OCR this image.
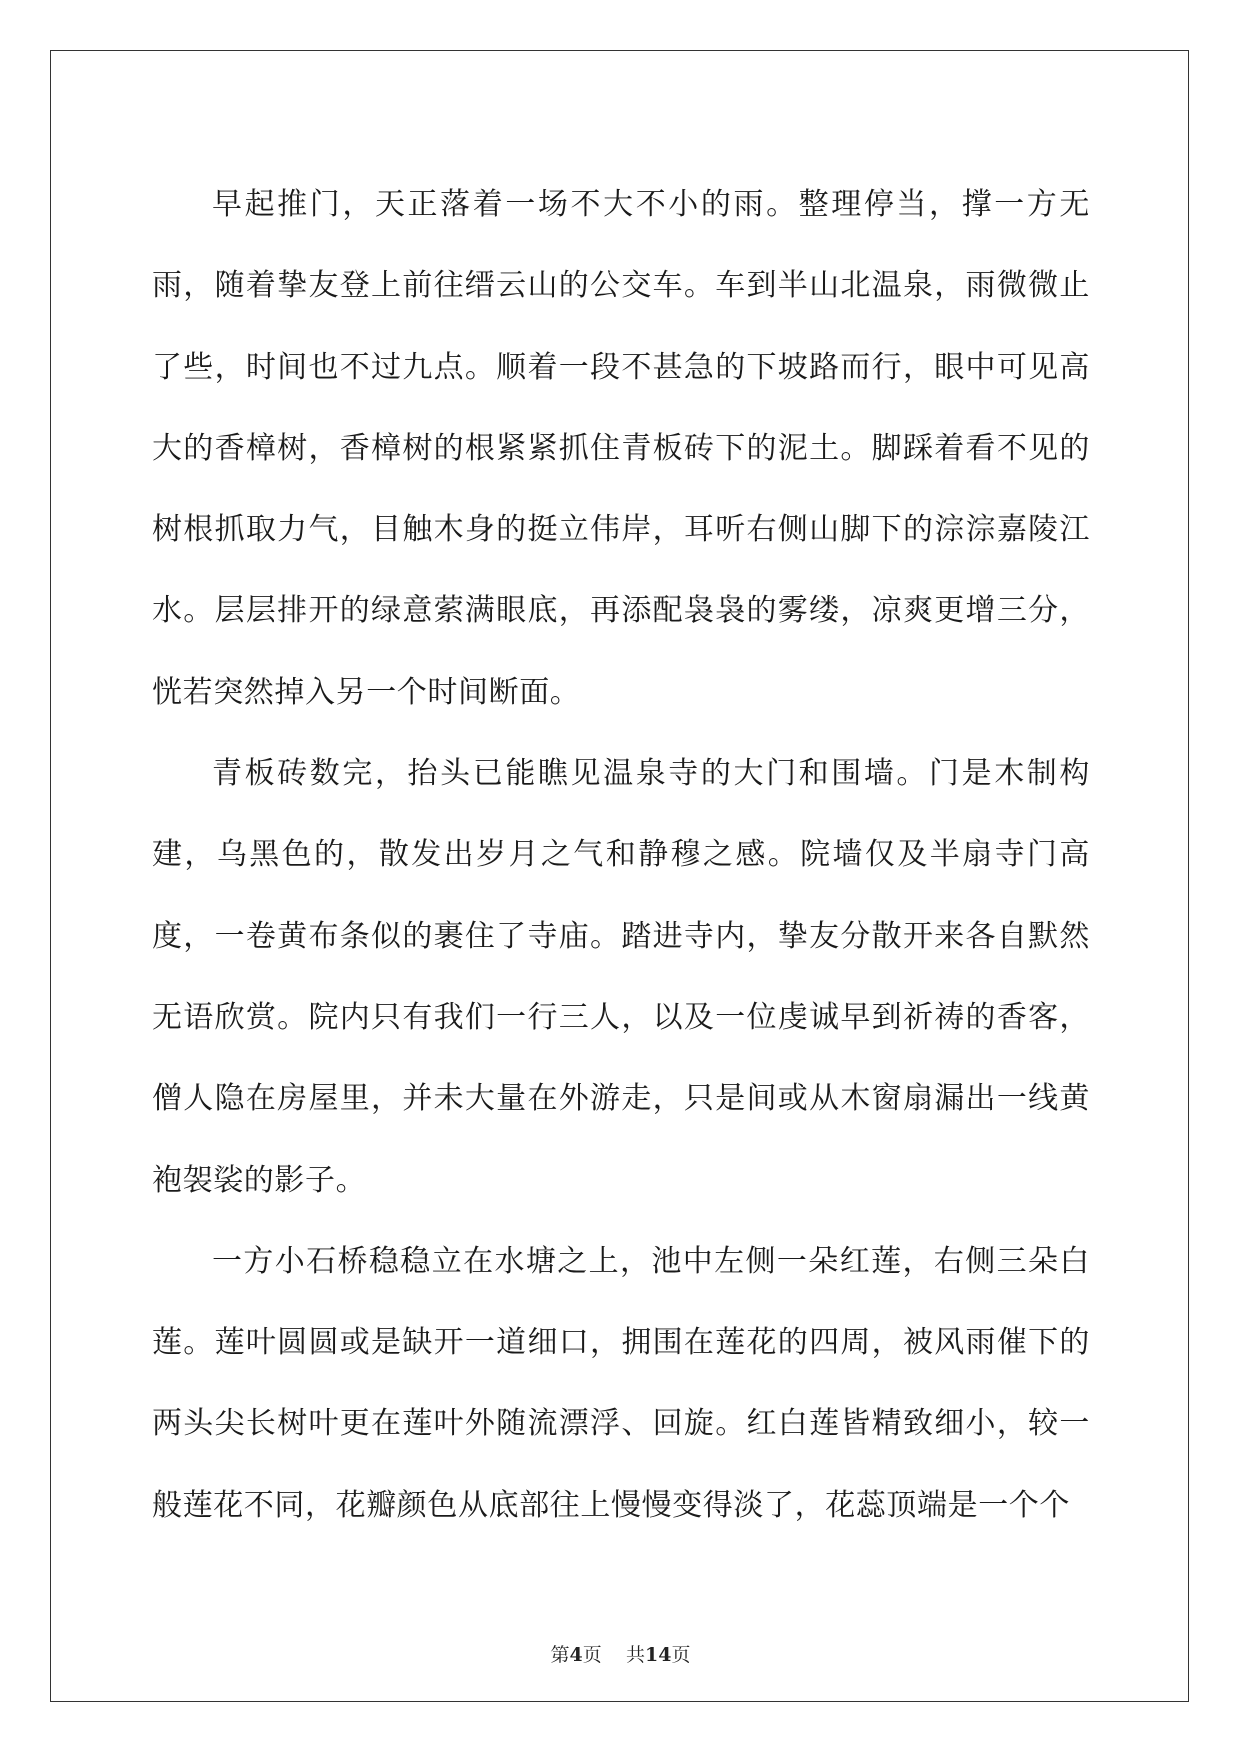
早起推门，天正落着一场不大不小的雨。整理停当，撑一方无雨，随着挚友登上前往缙云山的公交车。车到半山北温泉，雨微微止了些，时间也不过九点。顺着一段不甚急的下坡路而行，眼中可见高大的香樟树，香樟树的根紧紧抓住青板砖下的泥土。脚踩着看不见的树根抓取力气，目触木身的挺立伟岸，耳听右侧山脚下的淙淙嘉陵江水。层层排开的绿意萦满眼底，再添配袅袅的雾缕，凉爽更增三分，恍若突然掉入另一个时间断面。

青板砖数完，抬头已能瞧见温泉寺的大门和围墙。门是木制构建，乌黑色的，散发出岁月之气和静穆之感。院墙仅及半扇寺门高度，一卷黄布条似的裹住了寺庙。踏进寺内，挚友分散开来各自默然无语欣赏。院内只有我们一行三人，以及一位虔诚早到祈祷的香客，僧人隐在房屋里，并未大量在外游走，只是间或从木窗扇漏出一线黄袍袈裟的影子。

一方小石桥稳稳立在水塘之上，池中左侧一朵红莲，右侧三朵白莲。莲叶圆圆或是缺开一道细口，拥围在莲花的四周，被风雨催下的两头尖长树叶更在莲叶外随流漂浮、回旋。红白莲皆精致细小，较一般莲花不同，花瓣颜色从底部往上慢慢变得淡了，花蕊顶端是一个个

第4页 共14页
